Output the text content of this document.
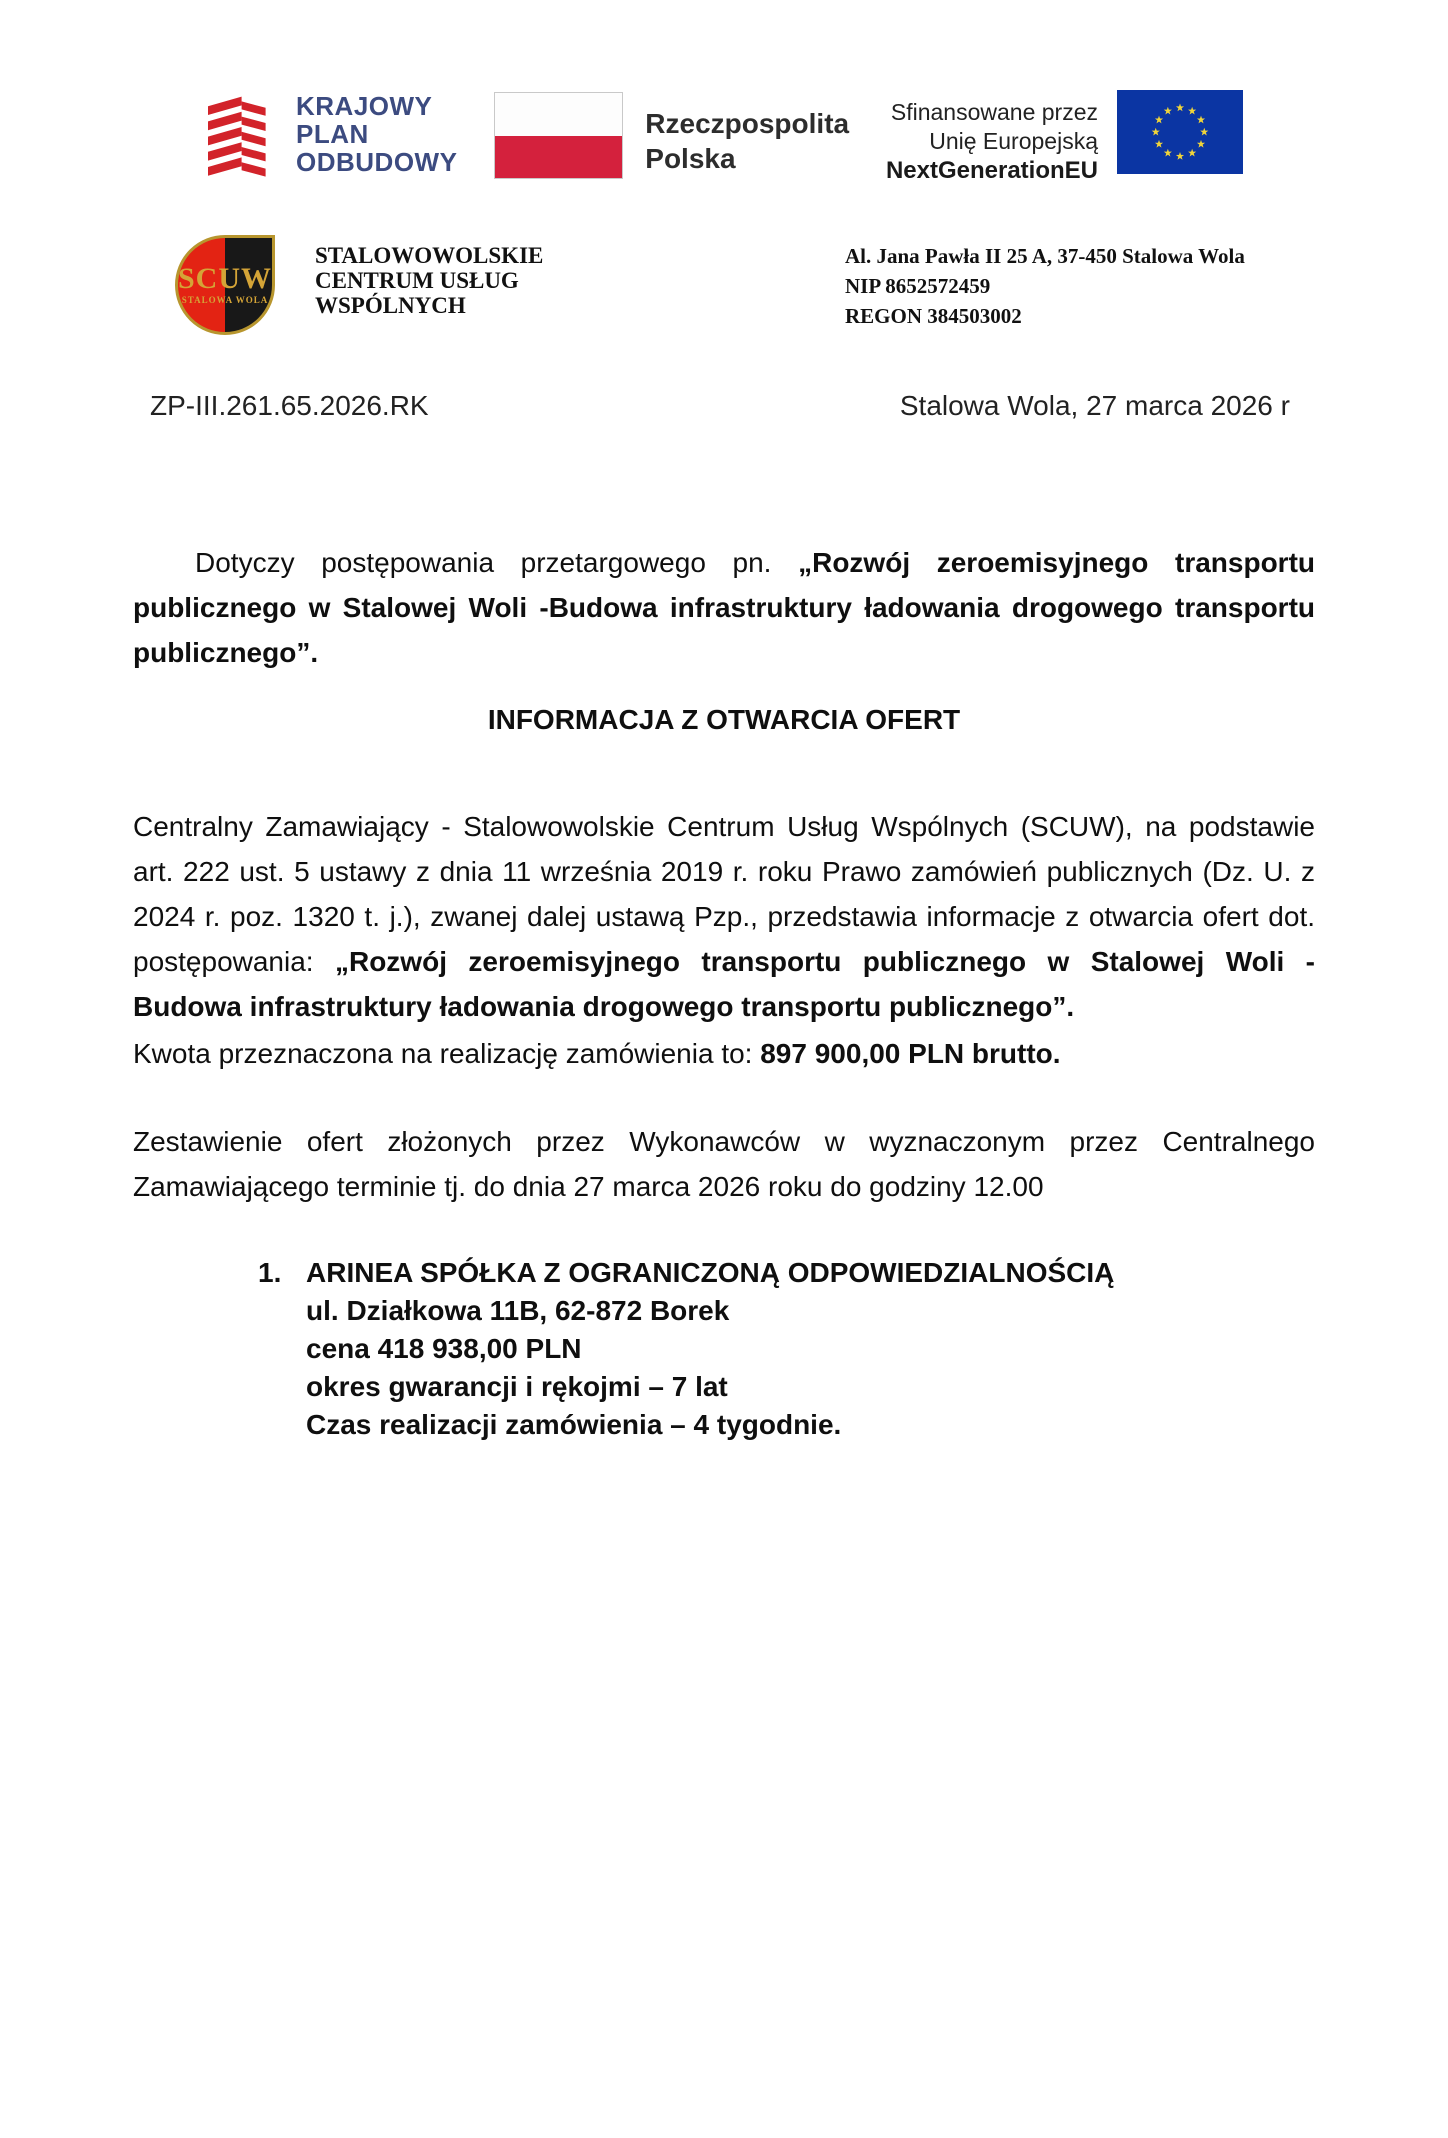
KRAJOWY
PLAN
ODBUDOWY
Rzeczpospolita
Polska
Sfinansowane przez
Unię Europejską
NextGenerationEU
SCUW
STALOWA WOLA
STALOWOWOLSKIE
CENTRUM USŁUG
WSPÓLNYCH
Al. Jana Pawła II 25 A, 37-450 Stalowa Wola
NIP 8652572459
REGON 384503002
ZP-III.261.65.2026.RK	Stalowa Wola, 27 marca 2026 r

Dotyczy postępowania przetargowego pn. „Rozwój zeroemisyjnego transportu publicznego w Stalowej Woli -Budowa infrastruktury ładowania drogowego transportu publicznego”.

INFORMACJA Z OTWARCIA OFERT

Centralny Zamawiający - Stalowowolskie Centrum Usług Wspólnych (SCUW), na podstawie art. 222 ust. 5 ustawy z dnia 11 września 2019 r. roku Prawo zamówień publicznych (Dz. U. z 2024 r. poz. 1320 t. j.), zwanej dalej ustawą Pzp., przedstawia informacje z otwarcia ofert dot. postępowania: „Rozwój zeroemisyjnego transportu publicznego w Stalowej Woli - Budowa infrastruktury ładowania drogowego transportu publicznego”.

Kwota przeznaczona na realizację zamówienia to: 897 900,00 PLN brutto.

Zestawienie ofert złożonych przez Wykonawców w wyznaczonym przez Centralnego Zamawiającego terminie tj. do dnia 27 marca 2026 roku do godziny 12.00

1. ARINEA SPÓŁKA Z OGRANICZONĄ ODPOWIEDZIALNOŚCIĄ
ul. Działkowa 11B, 62-872 Borek
cena 418 938,00 PLN
okres gwarancji i rękojmi – 7 lat
Czas realizacji zamówienia – 4 tygodnie.
